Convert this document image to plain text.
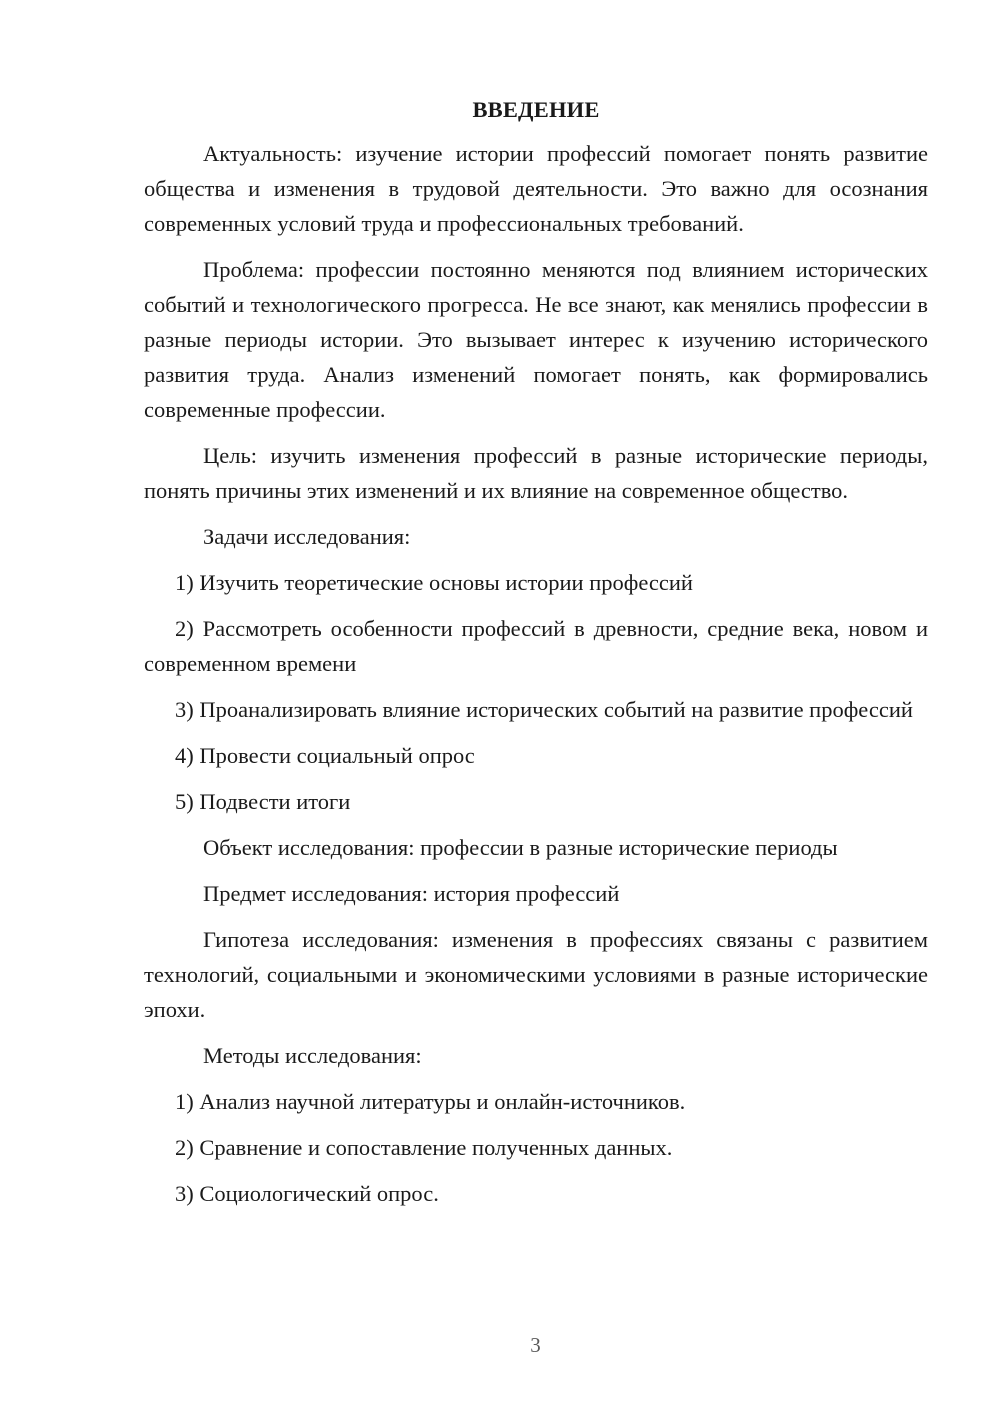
ВВЕДЕНИЕ

Актуальность: изучение истории профессий помогает понять развитие общества и изменения в трудовой деятельности. Это важно для осознания современных условий труда и профессиональных требований.

Проблема: профессии постоянно меняются под влиянием исторических событий и технологического прогресса. Не все знают, как менялись профессии в разные периоды истории. Это вызывает интерес к изучению исторического развития труда. Анализ изменений помогает понять, как формировались современные профессии.

Цель: изучить изменения профессий в разные исторические периоды, понять причины этих изменений и их влияние на современное общество.

Задачи исследования:

1) Изучить теоретические основы истории профессий

2) Рассмотреть особенности профессий в древности, средние века, новом и современном времени

3) Проанализировать влияние исторических событий на развитие профессий

4) Провести социальный опрос

5) Подвести итоги

Объект исследования: профессии в разные исторические периоды

Предмет исследования: история профессий

Гипотеза исследования: изменения в профессиях связаны с развитием технологий, социальными и экономическими условиями в разные исторические эпохи.

Методы исследования:

1) Анализ научной литературы и онлайн-источников.

2) Сравнение и сопоставление полученных данных.

3) Социологический опрос.

3
